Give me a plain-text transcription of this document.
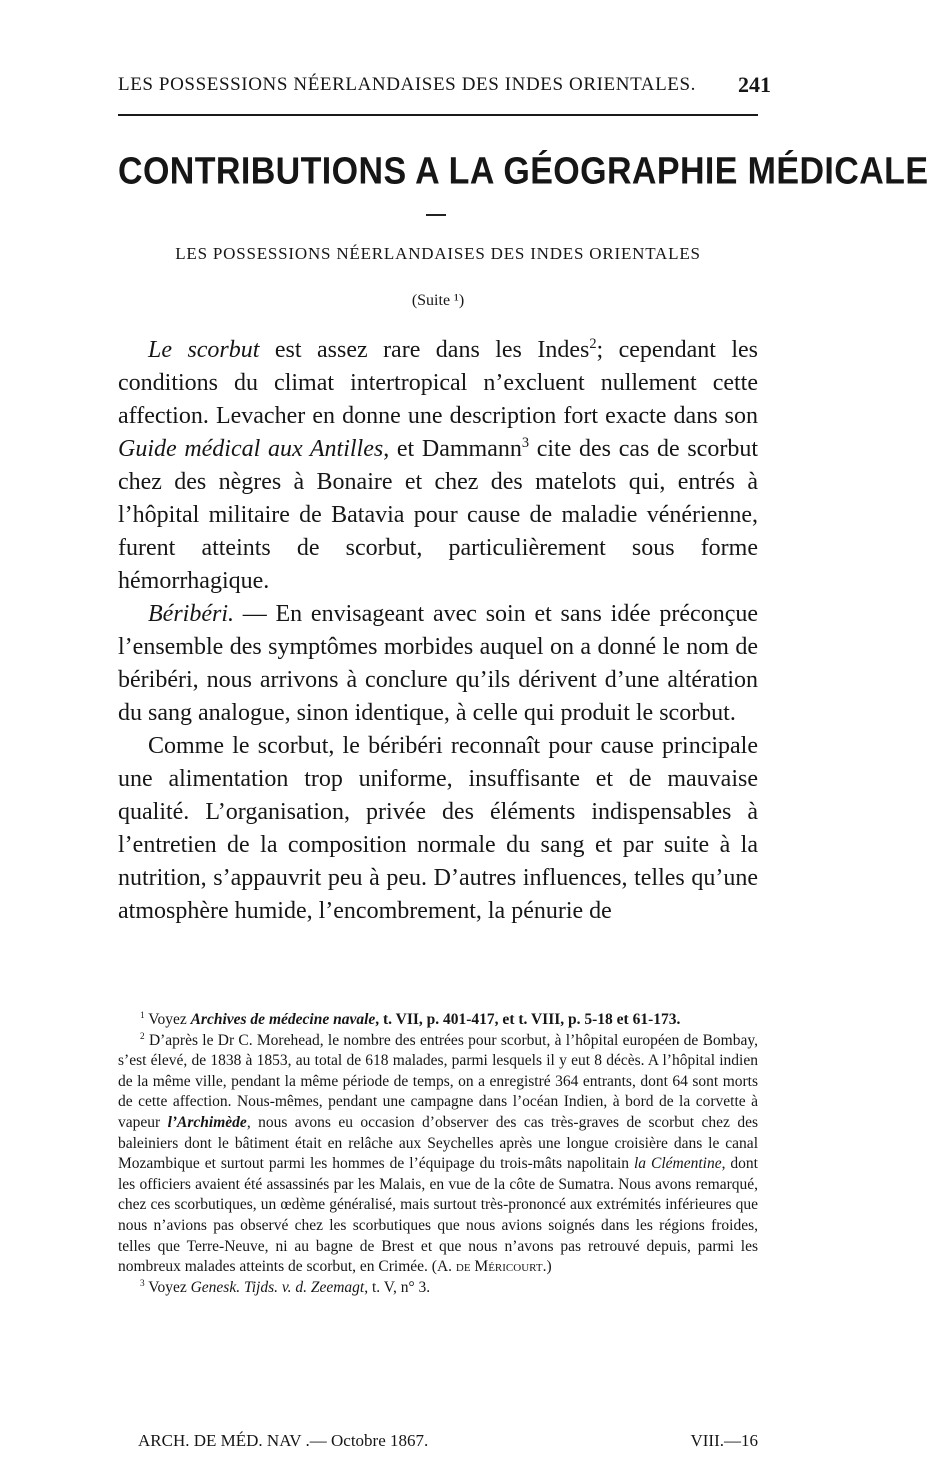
LES POSSESSIONS NÉERLANDAISES DES INDES ORIENTALES.	241
CONTRIBUTIONS A LA GÉOGRAPHIE MÉDICALE
LES POSSESSIONS NÉERLANDAISES DES INDES ORIENTALES
(Suite ¹)

Le scorbut est assez rare dans les Indes$^2$; cependant les conditions du climat intertropical n’excluent nullement cette affection. Levacher en donne une description fort exacte dans son Guide médical aux Antilles, et Dammann$^3$ cite des cas de scorbut chez des nègres à Bonaire et chez des matelots qui, entrés à l’hôpital militaire de Batavia pour cause de maladie vénérienne, furent atteints de scorbut, particulièrement sous forme hémorrhagique.

Béribéri. — En envisageant avec soin et sans idée préconçue l’ensemble des symptômes morbides auquel on a donné le nom de béribéri, nous arrivons à conclure qu’ils dérivent d’une altération du sang analogue, sinon identique, à celle qui produit le scorbut.

Comme le scorbut, le béribéri reconnaît pour cause principale une alimentation trop uniforme, insuffisante et de mauvaise qualité. L’organisation, privée des éléments indispensables à l’entretien de la composition normale du sang et par suite à la nutrition, s’appauvrit peu à peu. D’autres influences, telles qu’une atmosphère humide, l’encombrement, la pénurie de

$^1$ Voyez Archives de médecine navale, t. VII, p. 401-417, et t. VIII, p. 5-18 et 61-173.

$^2$ D’après le Dr C. Morehead, le nombre des entrées pour scorbut, à l’hôpital européen de Bombay, s’est élevé, de 1838 à 1853, au total de 618 malades, parmi lesquels il y eut 8 décès. A l’hôpital indien de la même ville, pendant la même période de temps, on a enregistré 364 entrants, dont 64 sont morts de cette affection. Nous-mêmes, pendant une campagne dans l’océan Indien, à bord de la corvette à vapeur l’Archimède, nous avons eu occasion d’observer des cas très-graves de scorbut chez des baleiniers dont le bâtiment était en relâche aux Seychelles après une longue croisière dans le canal Mozambique et surtout parmi les hommes de l’équipage du trois-mâts napolitain la Clémentine, dont les officiers avaient été assassinés par les Malais, en vue de la côte de Sumatra. Nous avons remarqué, chez ces scorbutiques, un œdème généralisé, mais surtout très-prononcé aux extrémités inférieures que nous n’avions pas observé chez les scorbutiques que nous avions soignés dans les régions froides, telles que Terre-Neuve, ni au bagne de Brest et que nous n’avons pas retrouvé depuis, parmi les nombreux malades atteints de scorbut, en Crimée. (A. de Méricourt.)

$^3$ Voyez Genesk. Tijds. v. d. Zeemagt, t. V, n° 3.

ARCH. DE MÉD. NAV .— Octobre 1867.	VIII.—16
